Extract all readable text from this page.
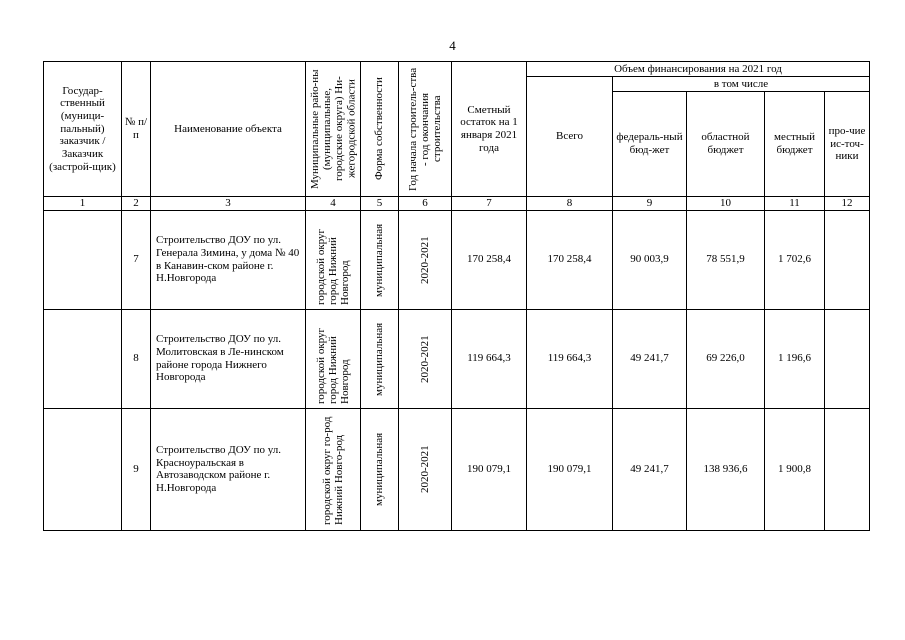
4
Государ-ственный (муници-пальный) заказчик / Заказчик (застрой-щик)	№ п/п	Наименование объекта	Муниципальные райо-ны (муниципальные, городские округа) Ни-жегородской области	Форма собственности	Год начала строитель-ства - год окончания строительства	Сметный остаток на 1 января 2021 года	Объем финансирования на 2021 год				
							Всего	в том числе			
								федераль-ный бюд-жет	областной бюджет	местный бюджет	про-чие ис-точ-ники

1	2	3	4	5	6	7	8	9	10	11	12
	7	Строительство ДОУ по ул. Генерала Зимина, у дома № 40 в Канавин-ском районе г. Н.Новгорода	городской округ город Нижний Новгород	муниципальная	2020-2021	170 258,4	170 258,4	90 003,9	78 551,9	1 702,6	
	8	Строительство ДОУ по ул. Молитовская в Ле-нинском районе города Нижнего Новгорода	городской округ город Нижний Новгород	муниципальная	2020-2021	119 664,3	119 664,3	49 241,7	69 226,0	1 196,6	
	9	Строительство ДОУ по ул. Красноуральская в Автозаводском районе г. Н.Новгорода	городской округ го-род Нижний Новго-род	муниципальная	2020-2021	190 079,1	190 079,1	49 241,7	138 936,6	1 900,8	
